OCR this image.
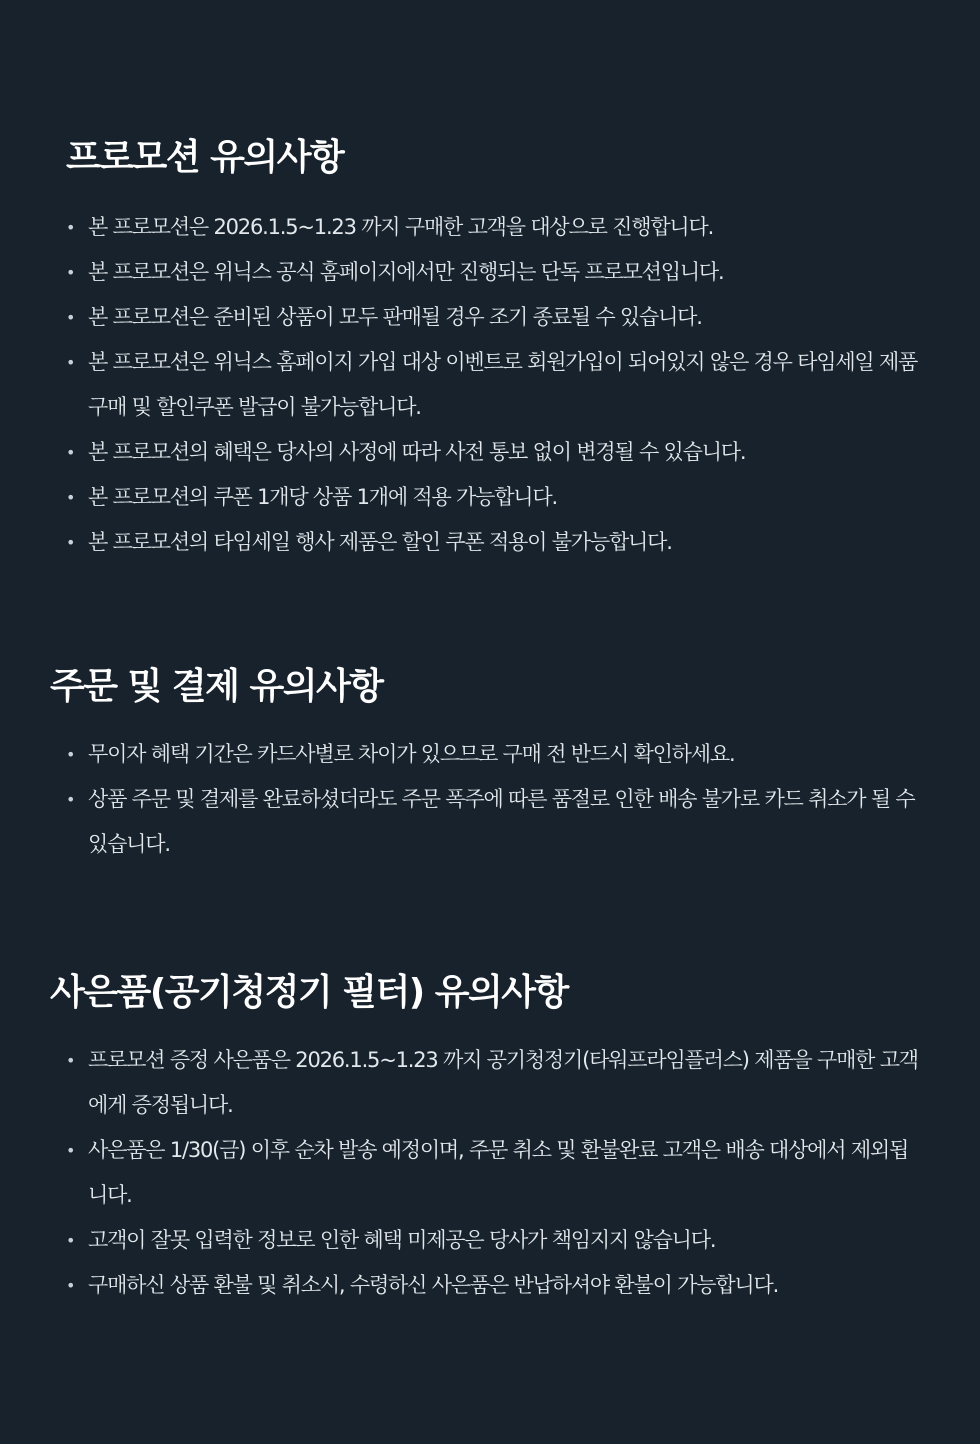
프로모션 유의사항
• 본 프로모션은 2026.1.5~1.23 까지 구매한 고객을 대상으로 진행합니다.
• 본 프로모션은 위닉스 공식 홈페이지에서만 진행되는 단독 프로모션입니다.
• 본 프로모션은 준비된 상품이 모두 판매될 경우 조기 종료될 수 있습니다.
• 본 프로모션은 위닉스 홈페이지 가입 대상 이벤트로 회원가입이 되어있지 않은 경우 타임세일 제품 구매 및 할인쿠폰 발급이 불가능합니다.
• 본 프로모션의 혜택은 당사의 사정에 따라 사전 통보 없이 변경될 수 있습니다.
• 본 프로모션의 쿠폰 1개당 상품 1개에 적용 가능합니다.
• 본 프로모션의 타임세일 행사 제품은 할인 쿠폰 적용이 불가능합니다.
주문 및 결제 유의사항
• 무이자 혜택 기간은 카드사별로 차이가 있으므로 구매 전 반드시 확인하세요.
• 상품 주문 및 결제를 완료하셨더라도 주문 폭주에 따른 품절로 인한 배송 불가로 카드 취소가 될 수 있습니다.
사은품(공기청정기 필터) 유의사항
• 프로모션 증정 사은품은 2026.1.5~1.23 까지 공기청정기(타워프라임플러스) 제품을 구매한 고객에게 증정됩니다.
• 사은품은 1/30(금) 이후 순차 발송 예정이며, 주문 취소 및 환불완료 고객은 배송 대상에서 제외됩니다.
• 고객이 잘못 입력한 정보로 인한 혜택 미제공은 당사가 책임지지 않습니다.
• 구매하신 상품 환불 및 취소시, 수령하신 사은품은 반납하셔야 환불이 가능합니다.
